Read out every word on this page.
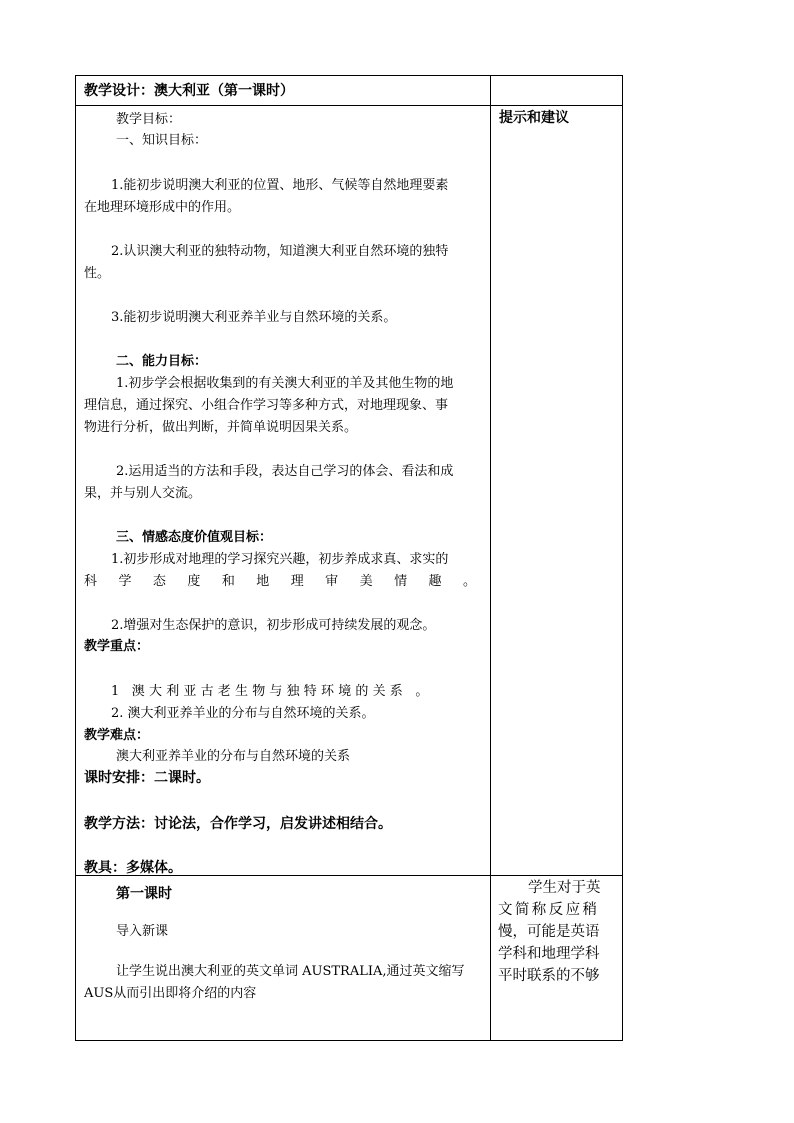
教学设计：澳大利亚（第一课时）
提示和建议
教学目标：
一、知识目标：
1.能初步说明澳大利亚的位置、地形、气候等自然地理要素
在地理环境形成中的作用。
2.认识澳大利亚的独特动物，知道澳大利亚自然环境的独特
性。
3.能初步说明澳大利亚养羊业与自然环境的关系。
二、能力目标：
1.初步学会根据收集到的有关澳大利亚的羊及其他生物的地
理信息，通过探究、小组合作学习等多种方式，对地理现象、事
物进行分析，做出判断，并简单说明因果关系。
2.运用适当的方法和手段，表达自己学习的体会、看法和成
果，并与别人交流。
三、情感态度价值观目标：
1.初步形成对地理的学习探究兴趣，初步养成求真、求实的
科学态度和地理审美情趣。
2.增强对生态保护的意识，初步形成可持续发展的观念。
教学重点：
1 澳大利亚古老生物与独特环境的关系 。
2. 澳大利亚养羊业的分布与自然环境的关系。
教学难点：
澳大利亚养羊业的分布与自然环境的关系
课时安排：二课时。
教学方法：讨论法，合作学习，启发讲述相结合。
教具：多媒体。
第一课时
导入新课
让学生说出澳大利亚的英文单词 AUSTRALIA,通过英文缩写
AUS从而引出即将介绍的内容
学生对于英
文简称反应稍
慢，可能是英语
学科和地理学科
平时联系的不够
